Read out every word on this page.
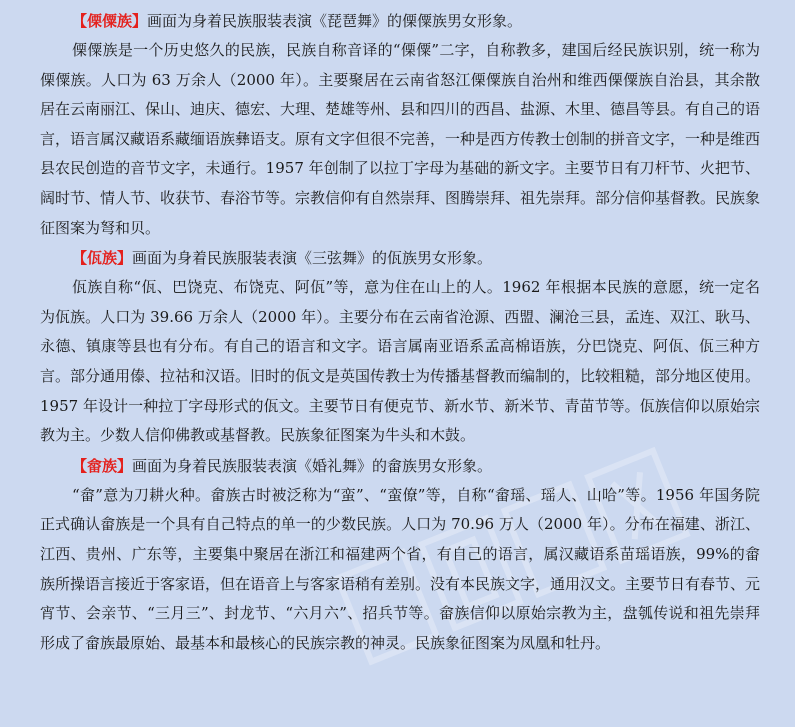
【傈僳族】画面为身着民族服装表演《琵琶舞》的傈僳族男女形象。

傈僳族是一个历史悠久的民族，民族自称音译的“傈僳”二字，自称教多，建国后经民族识别，统一称为傈僳族。人口为 63 万余人（2000 年）。主要聚居在云南省怒江傈僳族自治州和维西傈僳族自治县，其余散居在云南丽江、保山、迪庆、德宏、大理、楚雄等州、县和四川的西昌、盐源、木里、德昌等县。有自己的语言，语言属汉藏语系藏缅语族彝语支。原有文字但很不完善，一种是西方传教士创制的拼音文字，一种是维西县农民创造的音节文字，未通行。1957 年创制了以拉丁字母为基础的新文字。主要节日有刀杆节、火把节、阔时节、情人节、收获节、春浴节等。宗教信仰有自然崇拜、图腾崇拜、祖先崇拜。部分信仰基督教。民族象征图案为弩和贝。

【佤族】画面为身着民族服装表演《三弦舞》的佤族男女形象。

佤族自称“佤、巴饶克、布饶克、阿佤”等，意为住在山上的人。1962 年根据本民族的意愿，统一定名为佤族。人口为 39.66 万余人（2000 年）。主要分布在云南省沧源、西盟、澜沧三县，孟连、双江、耿马、永德、镇康等县也有分布。有自己的语言和文字。语言属南亚语系孟高棉语族，分巴饶克、阿佤、佤三种方言。部分通用傣、拉祜和汉语。旧时的佤文是英国传教士为传播基督教而编制的，比较粗糙，部分地区使用。1957 年设计一种拉丁字母形式的佤文。主要节日有便克节、新水节、新米节、青苗节等。佤族信仰以原始宗教为主。少数人信仰佛教或基督教。民族象征图案为牛头和木鼓。

【畲族】画面为身着民族服装表演《婚礼舞》的畲族男女形象。

“畲”意为刀耕火种。畲族古时被泛称为“蛮”、“蛮僚”等，自称“畲瑶、瑶人、山哈”等。1956 年国务院正式确认畲族是一个具有自己特点的单一的少数民族。人口为 70.96 万人（2000 年）。分布在福建、浙江、江西、贵州、广东等，主要集中聚居在浙江和福建两个省，有自己的语言，属汉藏语系苗瑶语族，99%的畲族所操语言接近于客家语，但在语音上与客家语稍有差别。没有本民族文字，通用汉文。主要节日有春节、元宵节、会亲节、“三月三”、封龙节、“六月六”、招兵节等。畲族信仰以原始宗教为主，盘瓠传说和祖先崇拜形成了畲族最原始、最基本和最核心的民族宗教的神灵。民族象征图案为凤凰和牡丹。
